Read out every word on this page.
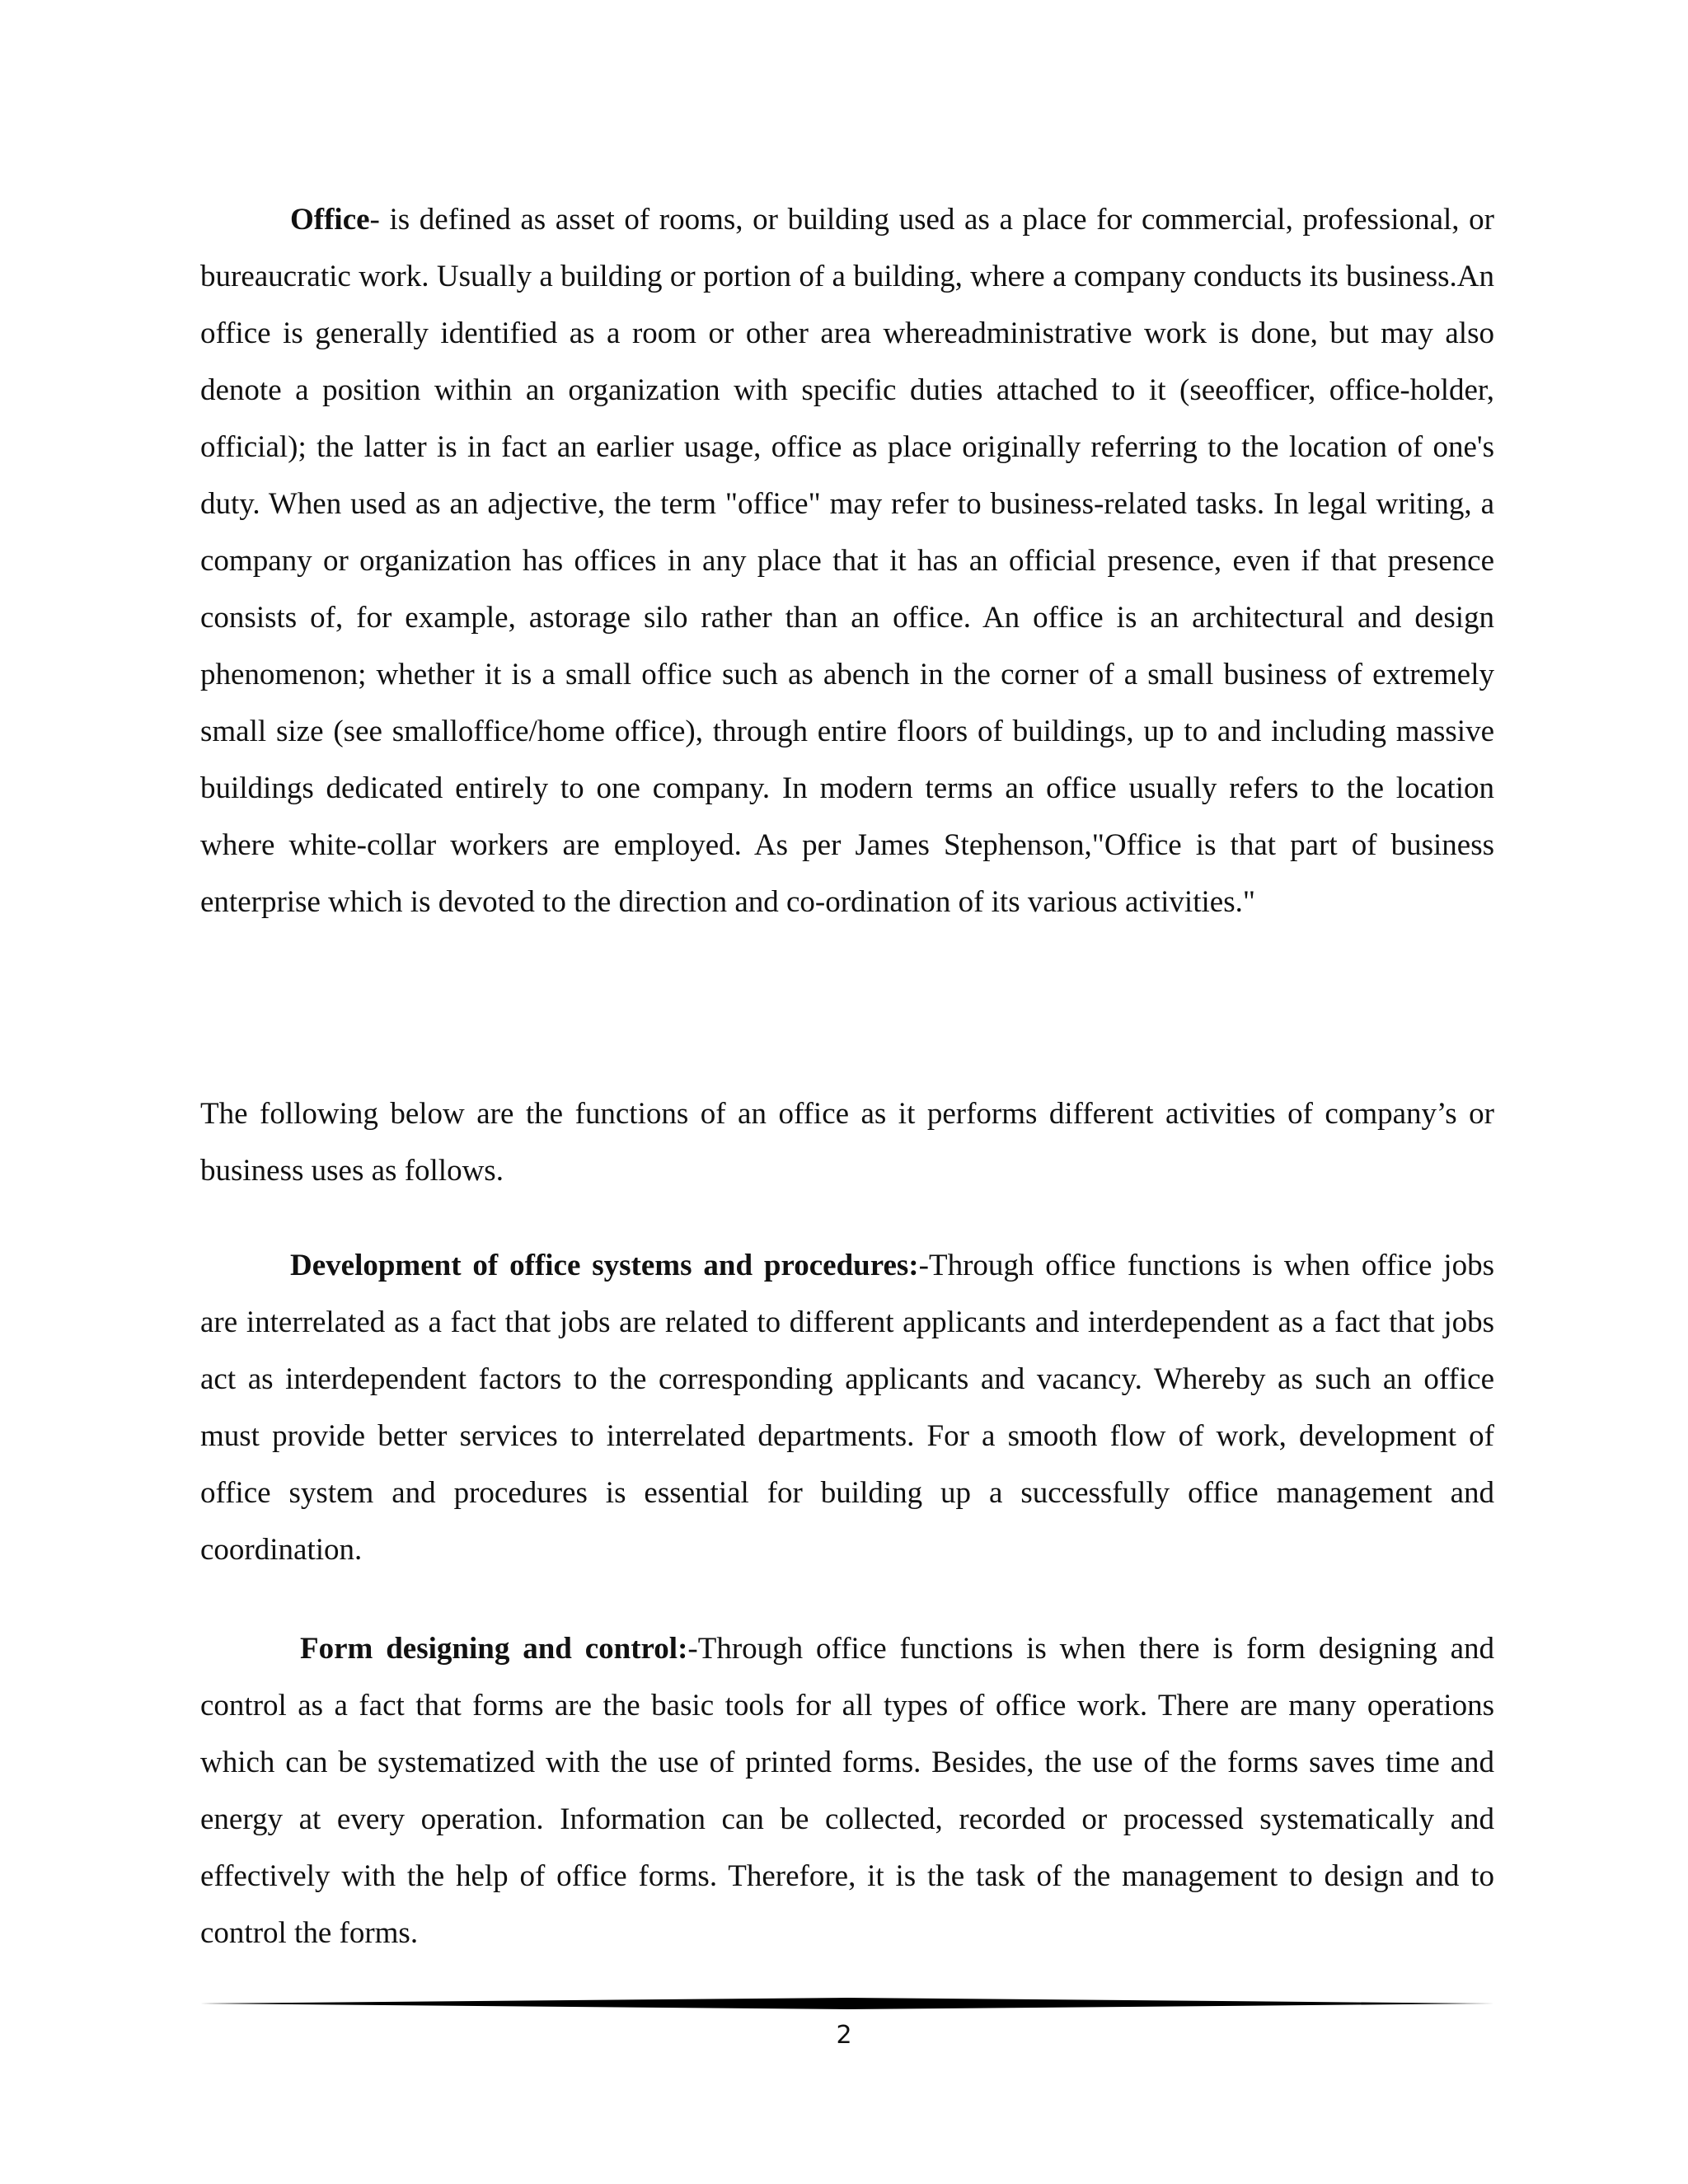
Office- is defined as asset of rooms, or building used as a place for commercial, professional, or bureaucratic work. Usually a building or portion of a building, where a company conducts its business.An office is generally identified as a room or other area whereadministrative work is done, but may also denote a position within an organization with specific duties attached to it (seeofficer, office-holder, official); the latter is in fact an earlier usage, office as place originally referring to the location of one's duty. When used as an adjective, the term "office" may refer to business-related tasks. In legal writing, a company or organization has offices in any place that it has an official presence, even if that presence consists of, for example, astorage silo rather than an office. An office is an architectural and design phenomenon; whether it is a small office such as abench in the corner of a small business of extremely small size (see smalloffice/home office), through entire floors of buildings, up to and including massive buildings dedicated entirely to one company. In modern terms an office usually refers to the location where white-collar workers are employed. As per James Stephenson,"Office is that part of business enterprise which is devoted to the direction and co-ordination of its various activities."

The following below are the functions of an office as it performs different activities of company’s or business uses as follows.

Development of office systems and procedures:-Through office functions is when office jobs are interrelated as a fact that jobs are related to different applicants and interdependent as a fact that jobs act as interdependent factors to the corresponding applicants and vacancy. Whereby as such an office must provide better services to interrelated departments. For a smooth flow of work, development of office system and procedures is essential for building up a successfully office management and coordination.

Form designing and control:-Through office functions is when there is form designing and control as a fact that forms are the basic tools for all types of office work. There are many operations which can be systematized with the use of printed forms. Besides, the use of the forms saves time and energy at every operation. Information can be collected, recorded or processed systematically and effectively with the help of office forms. Therefore, it is the task of the management to design and to control the forms.

2
